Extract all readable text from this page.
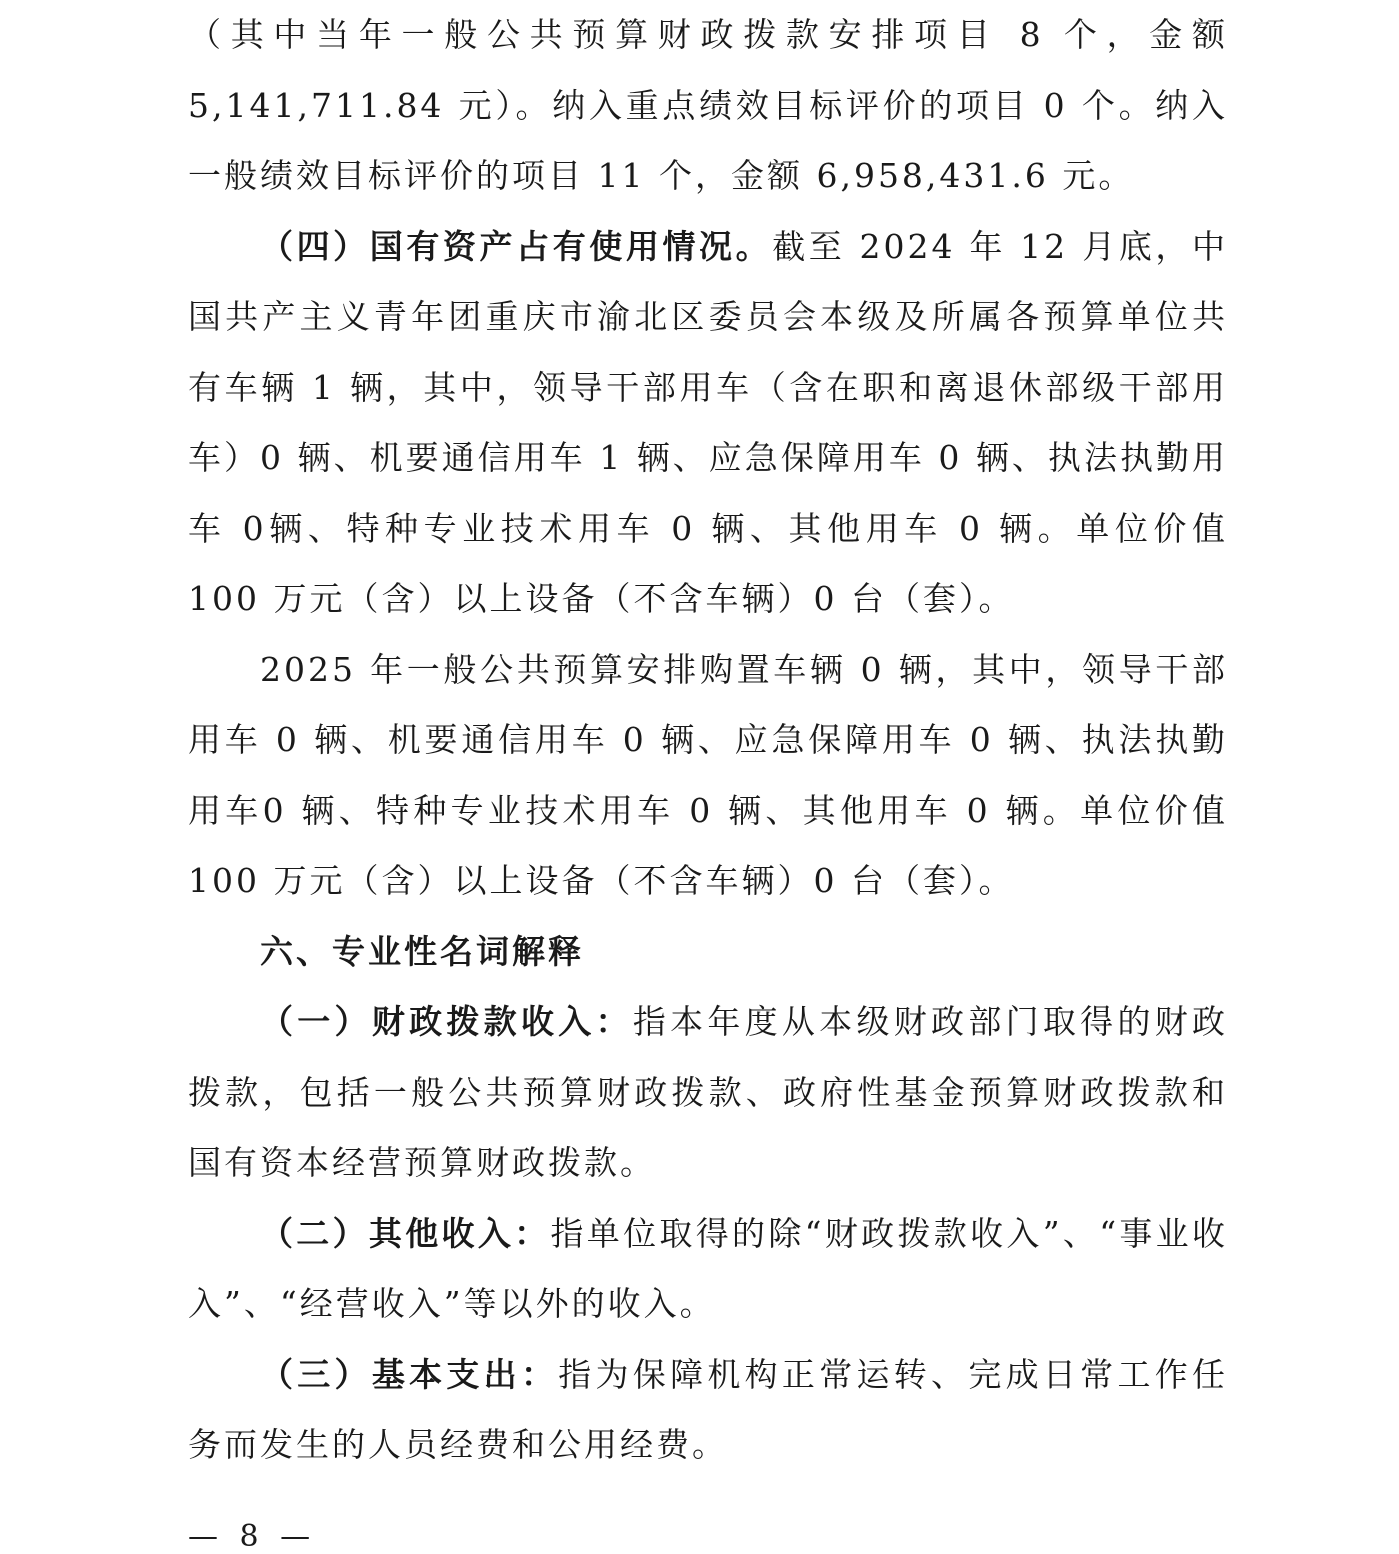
（其中当年一般公共预算财政拨款安排项目 8 个，金额5,141,711.84 元）。纳入重点绩效目标评价的项目 0 个。纳入一般绩效目标评价的项目 11 个，金额 6,958,431.6 元。

（四）国有资产占有使用情况。截至 2024 年 12 月底，中国共产主义青年团重庆市渝北区委员会本级及所属各预算单位共有车辆 1 辆，其中，领导干部用车（含在职和离退休部级干部用车）0 辆、机要通信用车 1 辆、应急保障用车 0 辆、执法执勤用车 0辆、特种专业技术用车 0 辆、其他用车 0 辆。单位价值 100 万元（含）以上设备（不含车辆）0 台（套）。

2025 年一般公共预算安排购置车辆 0 辆，其中，领导干部用车 0 辆、机要通信用车 0 辆、应急保障用车 0 辆、执法执勤用车0 辆、特种专业技术用车 0 辆、其他用车 0 辆。单位价值 100 万元（含）以上设备（不含车辆）0 台（套）。

六、专业性名词解释

（一）财政拨款收入：指本年度从本级财政部门取得的财政拨款，包括一般公共预算财政拨款、政府性基金预算财政拨款和国有资本经营预算财政拨款。

（二）其他收入：指单位取得的除“财政拨款收入”、“事业收入”、“经营收入”等以外的收入。

（三）基本支出：指为保障机构正常运转、完成日常工作任务而发生的人员经费和公用经费。

— 8 —
